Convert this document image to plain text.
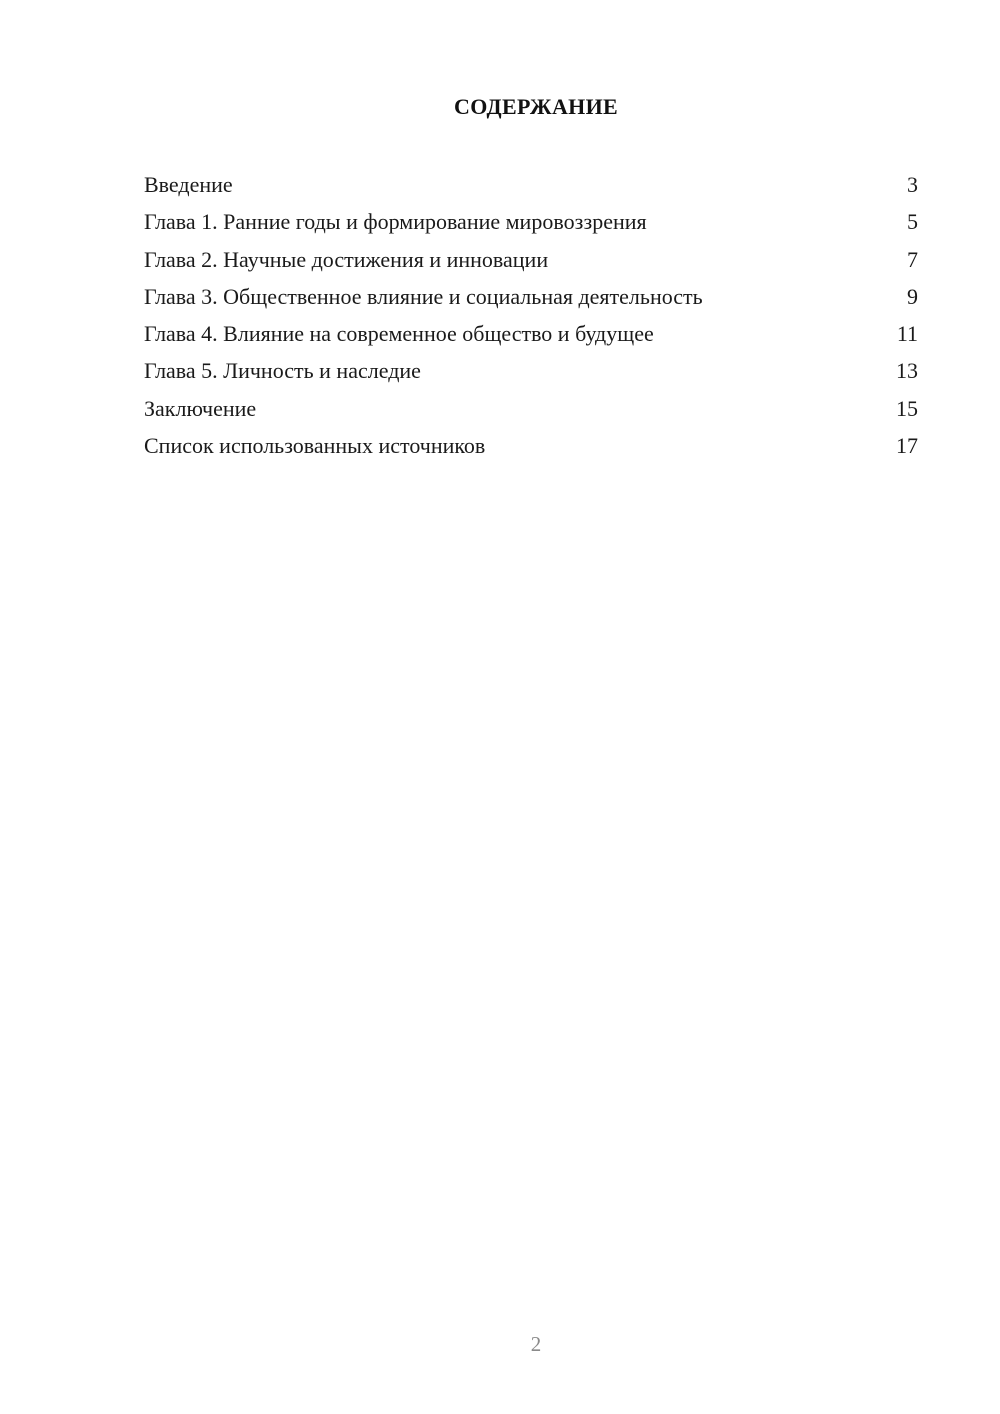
СОДЕРЖАНИЕ
Введение	3
Глава 1. Ранние годы и формирование мировоззрения	5
Глава 2. Научные достижения и инновации	7
Глава 3. Общественное влияние и социальная деятельность	9
Глава 4. Влияние на современное общество и будущее	11
Глава 5. Личность и наследие	13
Заключение	15
Список использованных источников	17
2
